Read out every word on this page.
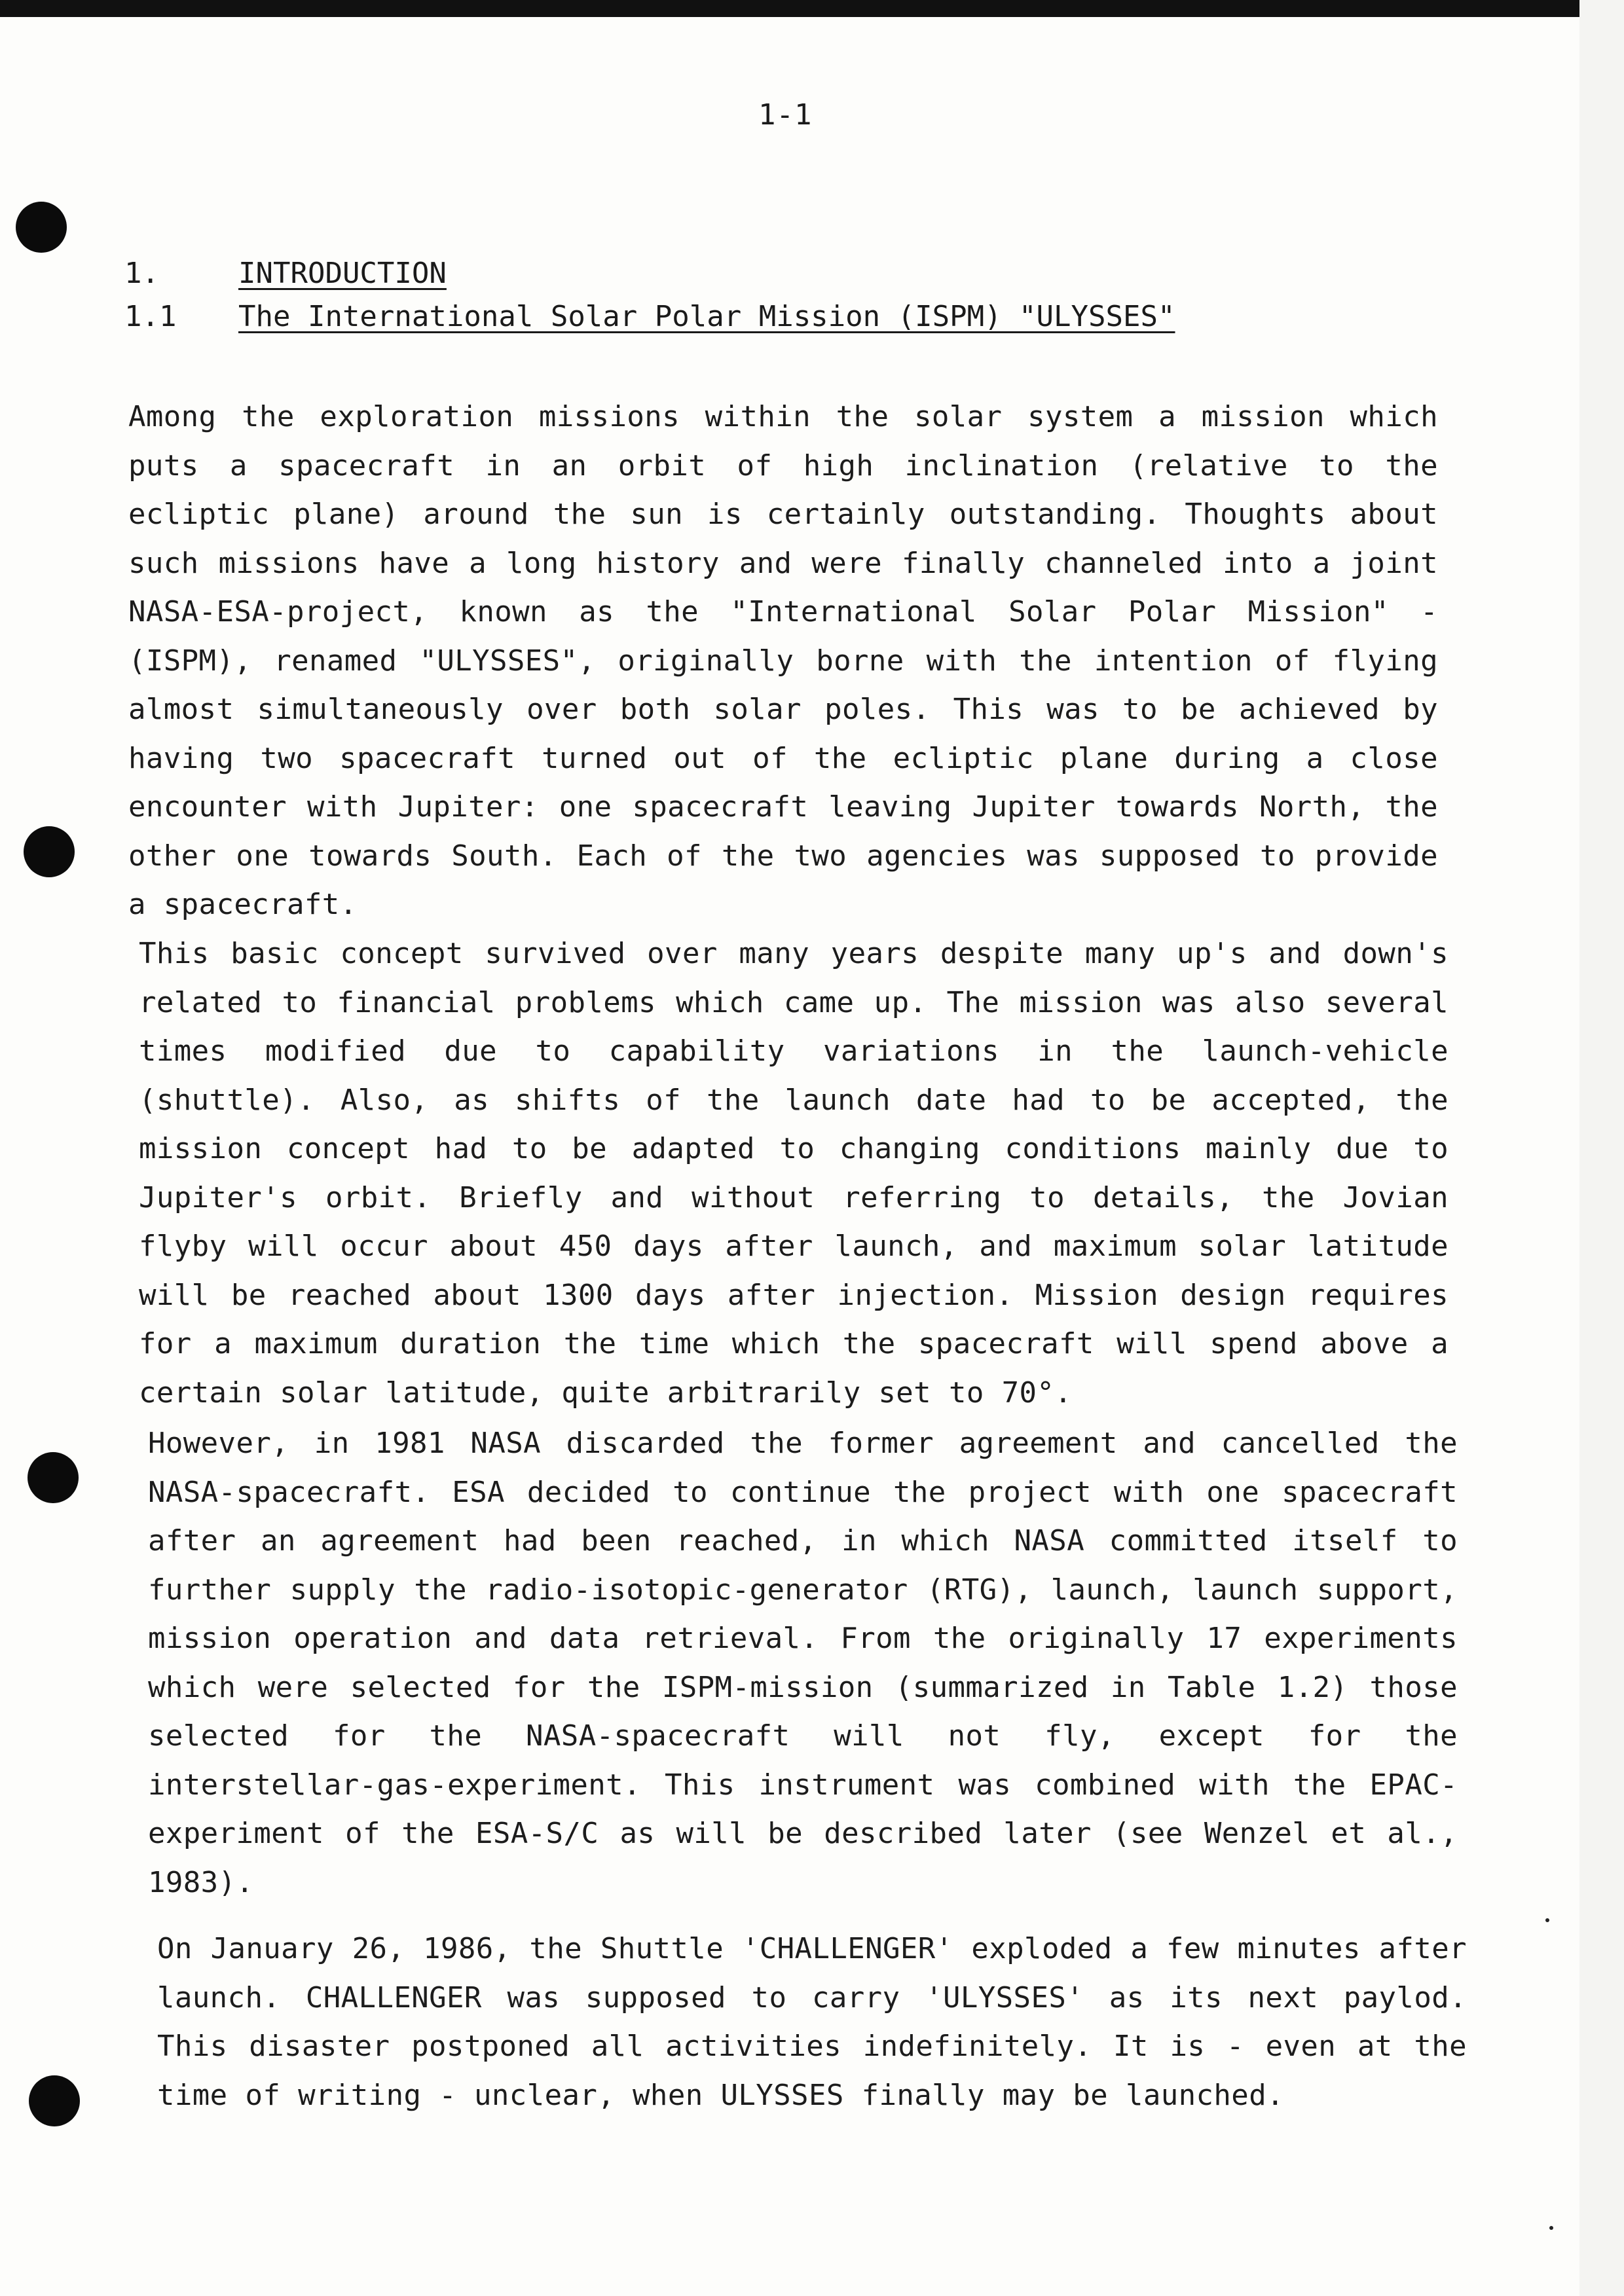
1-1
1.	INTRODUCTION
1.1 The International Solar Polar Mission (ISPM) "ULYSSES"

Among the exploration missions within the solar system a mission which puts a spacecraft in an orbit of high inclination (relative to the ecliptic plane) around the sun is certainly outstanding. Thoughts about such missions have a long history and were finally channeled into a joint NASA-ESA-project, known as the "International Solar Polar Mission" - (ISPM), renamed "ULYSSES", originally borne with the intention of flying almost simultaneously over both solar poles. This was to be achieved by having two spacecraft turned out of the ecliptic plane during a close encounter with Jupiter: one spacecraft leaving Jupiter towards North, the other one towards South. Each of the two agencies was supposed to provide a spacecraft.

This basic concept survived over many years despite many up's and down's related to financial problems which came up. The mission was also several times modified due to capability variations in the launch-vehicle (shuttle). Also, as shifts of the launch date had to be accepted, the mission concept had to be adapted to changing conditions mainly due to Jupiter's orbit. Briefly and without referring to details, the Jovian flyby will occur about 450 days after launch, and maximum solar latitude will be reached about 1300 days after injection. Mission design requires for a maximum duration the time which the spacecraft will spend above a certain solar latitude, quite arbitrarily set to 70°.

However, in 1981 NASA discarded the former agreement and cancelled the NASA-spacecraft. ESA decided to continue the project with one spacecraft after an agreement had been reached, in which NASA committed itself to further supply the radio-isotopic-generator (RTG), launch, launch support, mission operation and data retrieval. From the originally 17 experiments which were selected for the ISPM-mission (summarized in Table 1.2) those selected for the NASA-spacecraft will not fly, except for the interstellar-gas-experiment. This instrument was combined with the EPAC-experiment of the ESA-S/C as will be described later (see Wenzel et al., 1983).

On January 26, 1986, the Shuttle 'CHALLENGER' exploded a few minutes after launch. CHALLENGER was supposed to carry 'ULYSSES' as its next paylod. This disaster postponed all activities indefinitely. It is - even at the time of writing - unclear, when ULYSSES finally may be launched.
